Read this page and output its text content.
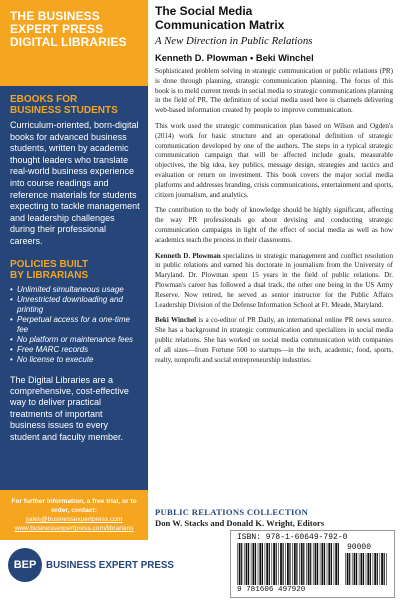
THE BUSINESS
EXPERT PRESS
DIGITAL LIBRARIES
EBOOKS FOR
BUSINESS STUDENTS
Curriculum-oriented, born-digital books for advanced business students, written by academic thought leaders who translate real-world business experience into course readings and reference materials for students expecting to tackle management and leadership challenges during their professional careers.
POLICIES BUILT
BY LIBRARIANS
• Unlimited simultaneous usage
• Unrestricted downloading and printing
• Perpetual access for a one-time fee
• No platform or maintenance fees
• Free MARC records
• No license to execute
The Digital Libraries are a comprehensive, cost-effective way to deliver practical treatments of important business issues to every student and faculty member.
For further information, a free trial, or to order, contact:
sales@businessexpertpress.com
www.businessexpertpress.com/librarians
BEP BUSINESS EXPERT PRESS
The Social Media
Communication Matrix
A New Direction in Public Relations
Kenneth D. Plowman • Beki Winchel

Sophisticated problem solving in strategic communication or public relations (PR) is done through planning, strategic communication planning. The focus of this book is to meld current trends in social media to strategic communications planning in the field of PR. The definition of social media used here is channels delivering web-based information created by people to improve communication.

This work used the strategic communication plan based on Wilson and Ogden's (2014) work for basic structure and an operational definition of strategic communication developed by one of the authors. The steps in a typical strategic communication campaign that will be affected include goals, measurable objectives, the big idea, key publics, message design, strategies and tactics and evaluation or return on investment. This book covers the major social media platforms and addresses branding, crisis communications, entertainment and sports, citizen journalism, and analytics.

The contribution to the body of knowledge should be highly significant, affecting the way PR professionals go about devising and conducting strategic communication campaigns in light of the effect of social media as well as how academics teach the process in their classrooms.

Kenneth D. Plowman specializes in strategic management and conflict resolution in public relations and earned his doctorate in journalism from the University of Maryland. Dr. Plowman spent 15 years in the field of public relations. Dr. Plowman's career has followed a dual track, the other one being in the US Army Reserve. Now retired, he served as senior instructor for the Public Affairs Leadership Division of the Defense Information School at Ft. Meade, Maryland.

Beki Winchel is a co-editor of PR Daily, an international online PR news source. She has a background in strategic communication and specializes in social media public relations. She has worked on social media communication with companies of all sizes—from Fortune 500 to startups—in the tech, academic, food, sports, realty, nonprofit and social entrepreneurship industries.

PUBLIC RELATIONS COLLECTION
Don W. Stacks and Donald K. Wright, Editors
ISBN: 978-1-60649-792-0
90000
9 781606 497920
